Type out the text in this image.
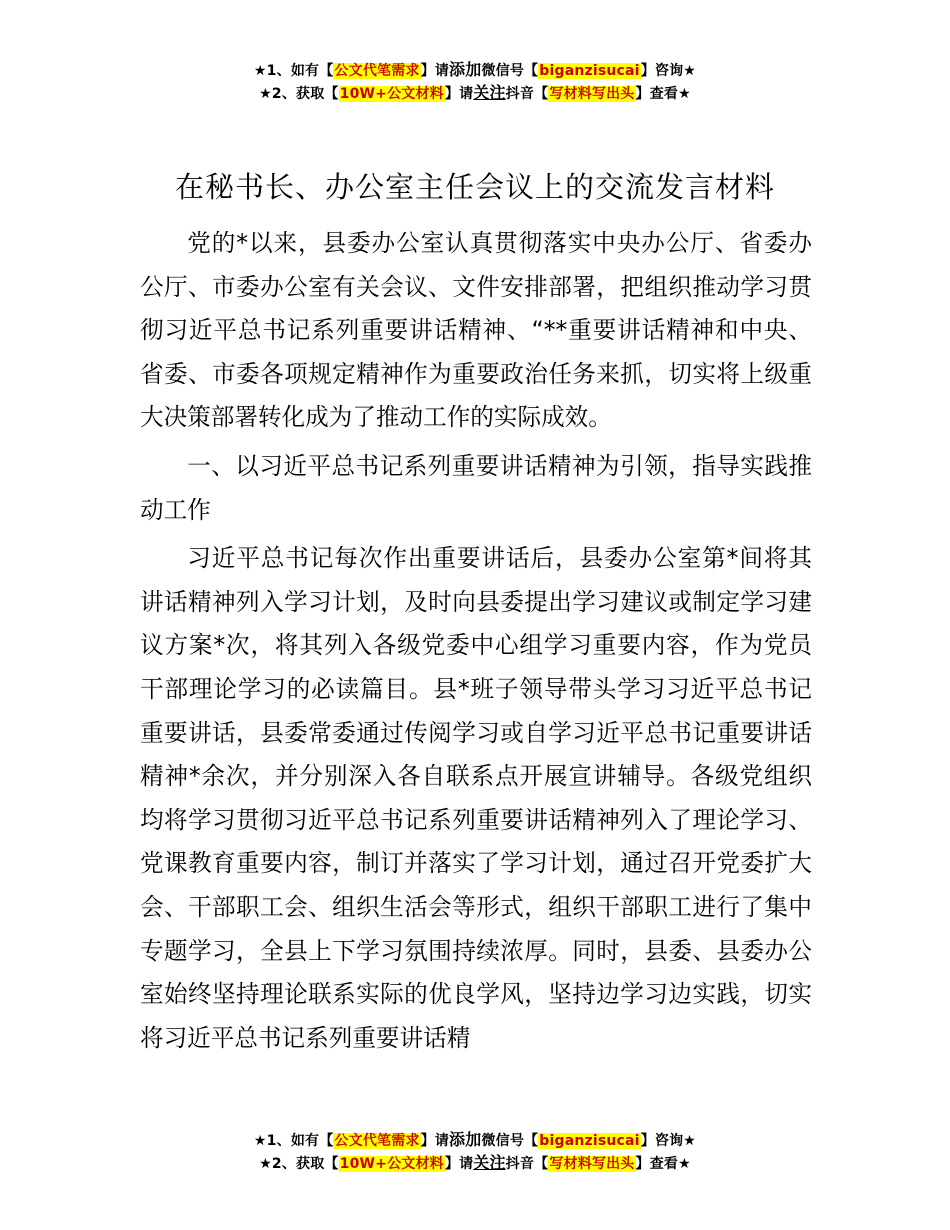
★1、如有【公文代笔需求】请添加微信号【biganzisucai】咨询★
★2、获取【10W+公文材料】请关注抖音【写材料写出头】查看★
在秘书长、办公室主任会议上的交流发言材料

党的*以来，县委办公室认真贯彻落实中央办公厅、省委办公厅、市委办公室有关会议、文件安排部署，把组织推动学习贯彻习近平总书记系列重要讲话精神、“**重要讲话精神和中央、省委、市委各项规定精神作为重要政治任务来抓，切实将上级重大决策部署转化成为了推动工作的实际成效。

一、以习近平总书记系列重要讲话精神为引领，指导实践推动工作

习近平总书记每次作出重要讲话后，县委办公室第*间将其讲话精神列入学习计划，及时向县委提出学习建议或制定学习建议方案*次，将其列入各级党委中心组学习重要内容，作为党员干部理论学习的必读篇目。县*班子领导带头学习习近平总书记重要讲话，县委常委通过传阅学习或自学习近平总书记重要讲话精神*余次，并分别深入各自联系点开展宣讲辅导。各级党组织均将学习贯彻习近平总书记系列重要讲话精神列入了理论学习、党课教育重要内容，制订并落实了学习计划，通过召开党委扩大会、干部职工会、组织生活会等形式，组织干部职工进行了集中专题学习，全县上下学习氛围持续浓厚。同时，县委、县委办公室始终坚持理论联系实际的优良学风，坚持边学习边实践，切实将习近平总书记系列重要讲话精

★1、如有【公文代笔需求】请添加微信号【biganzisucai】咨询★
★2、获取【10W+公文材料】请关注抖音【写材料写出头】查看★
